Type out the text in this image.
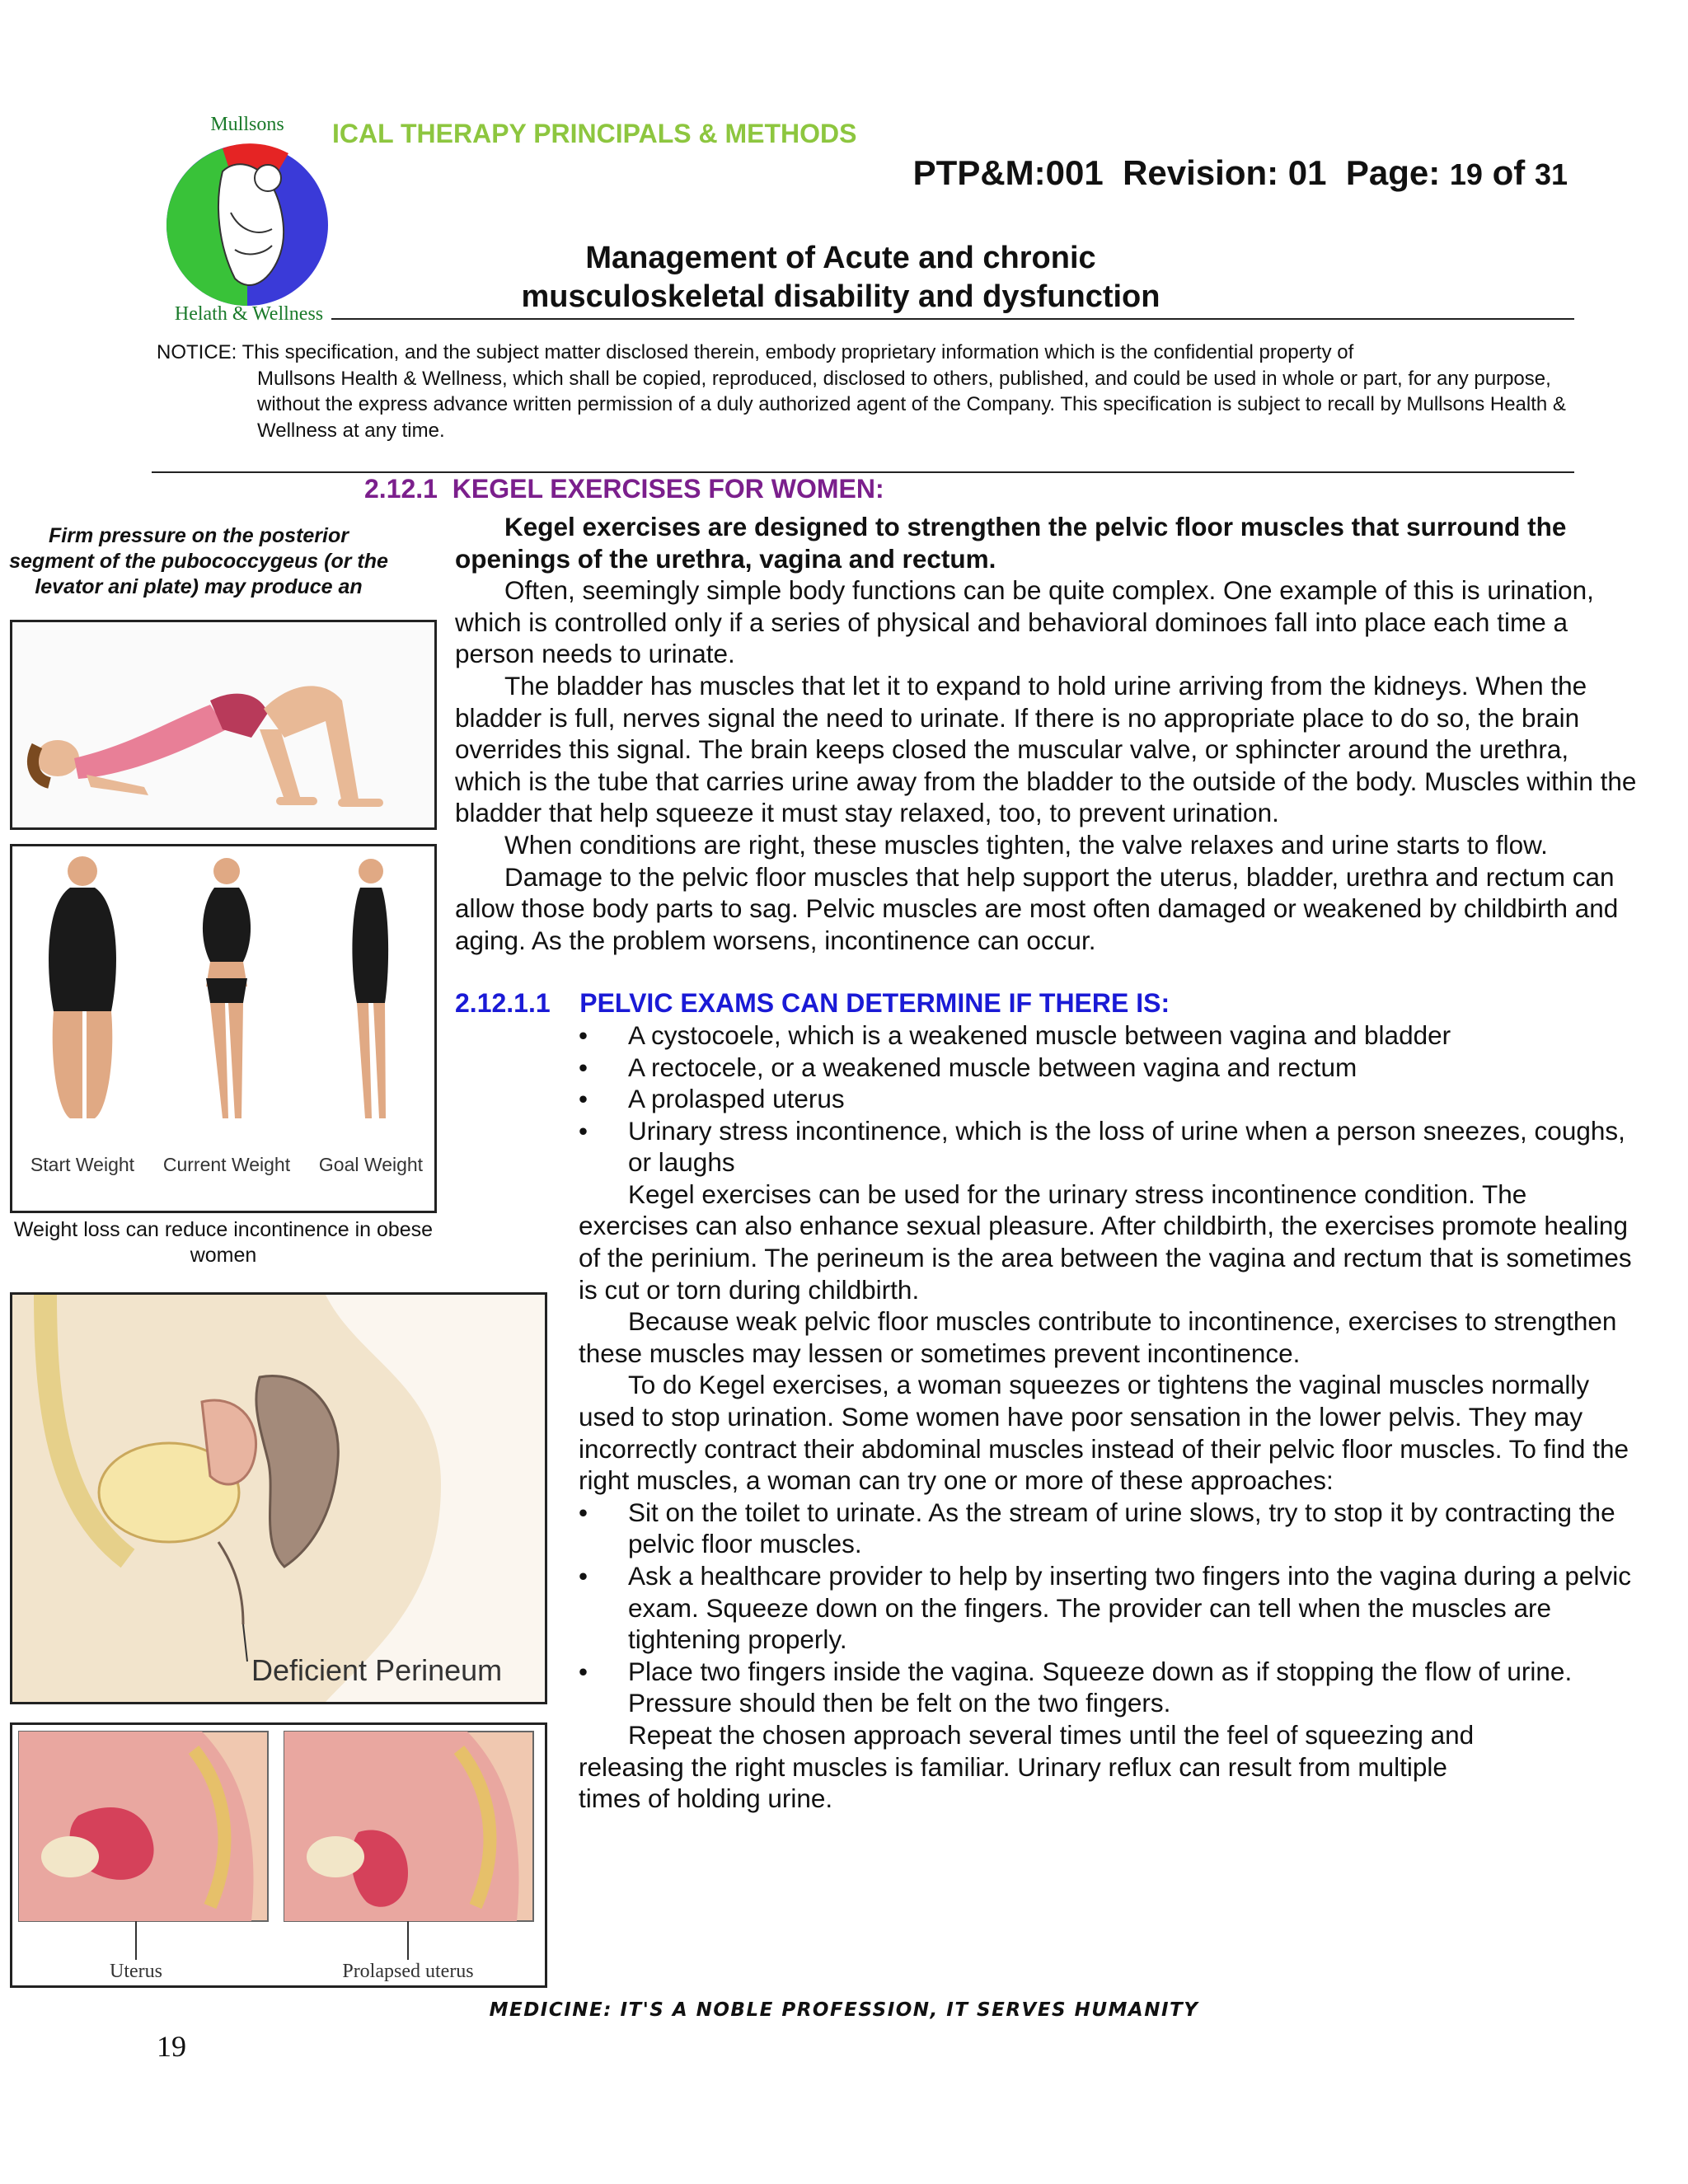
Mullsons
Helath & Wellness
ICAL THERAPY PRINCIPALS & METHODS
PTP&M:001 Revision: 01 Page: 19 of 31
Management of Acute and chronic
musculoskeletal disability and dysfunction
NOTICE: This specification, and the subject matter disclosed therein, embody proprietary information which is the confidential property of
Mullsons Health & Wellness, which shall be copied, reproduced, disclosed to others, published, and could be used in whole or part, for any purpose, without the express advance written permission of a duly authorized agent of the Company. This specification is subject to recall by Mullsons Health & Wellness at any time.
Firm pressure on the posterior segment of the pubococcygeus (or the levator ani plate) may produce an
Start Weight Current Weight Goal Weight
Weight loss can reduce incontinence in obese women
Deficient Perineum
Uterus	Prolapsed uterus
2.12.1 KEGEL EXERCISES FOR WOMEN:

Kegel exercises are designed to strengthen the pelvic floor muscles that surround the openings of the urethra, vagina and rectum.

Often, seemingly simple body functions can be quite complex. One example of this is urination, which is controlled only if a series of physical and behavioral dominoes fall into place each time a person needs to urinate.

The bladder has muscles that let it to expand to hold urine arriving from the kidneys. When the bladder is full, nerves signal the need to urinate. If there is no appropriate place to do so, the brain overrides this signal. The brain keeps closed the muscular valve, or sphincter around the urethra, which is the tube that carries urine away from the bladder to the outside of the body. Muscles within the bladder that help squeeze it must stay relaxed, too, to prevent urination.

When conditions are right, these muscles tighten, the valve relaxes and urine starts to flow.

Damage to the pelvic floor muscles that help support the uterus, bladder, urethra and rectum can allow those body parts to sag. Pelvic muscles are most often damaged or weakened by childbirth and aging. As the problem worsens, incontinence can occur.

2.12.1.1 PELVIC EXAMS CAN DETERMINE IF THERE IS:

•	A cystocoele, which is a weakened muscle between vagina and bladder
•	A rectocele, or a weakened muscle between vagina and rectum
•	A prolasped uterus
•	Urinary stress incontinence, which is the loss of urine when a person sneezes, coughs, or laughs

Kegel exercises can be used for the urinary stress incontinence condition. The exercises can also enhance sexual pleasure. After childbirth, the exercises promote healing of the perinium. The perineum is the area between the vagina and rectum that is sometimes is cut or torn during childbirth.

Because weak pelvic floor muscles contribute to incontinence, exercises to strengthen these muscles may lessen or sometimes prevent incontinence.

To do Kegel exercises, a woman squeezes or tightens the vaginal muscles normally used to stop urination. Some women have poor sensation in the lower pelvis. They may incorrectly contract their abdominal muscles instead of their pelvic floor muscles. To find the right muscles, a woman can try one or more of these approaches:

•	Sit on the toilet to urinate. As the stream of urine slows, try to stop it by contracting the pelvic floor muscles.
•	Ask a healthcare provider to help by inserting two fingers into the vagina during a pelvic exam. Squeeze down on the fingers. The provider can tell when the muscles are tightening properly.
•	Place two fingers inside the vagina. Squeeze down as if stopping the flow of urine. Pressure should then be felt on the two fingers.

Repeat the chosen approach several times until the feel of squeezing and releasing the right muscles is familiar. Urinary reflux can result from multiple times of holding urine.

MEDICINE: IT'S A NOBLE PROFESSION, IT SERVES HUMANITY
19
